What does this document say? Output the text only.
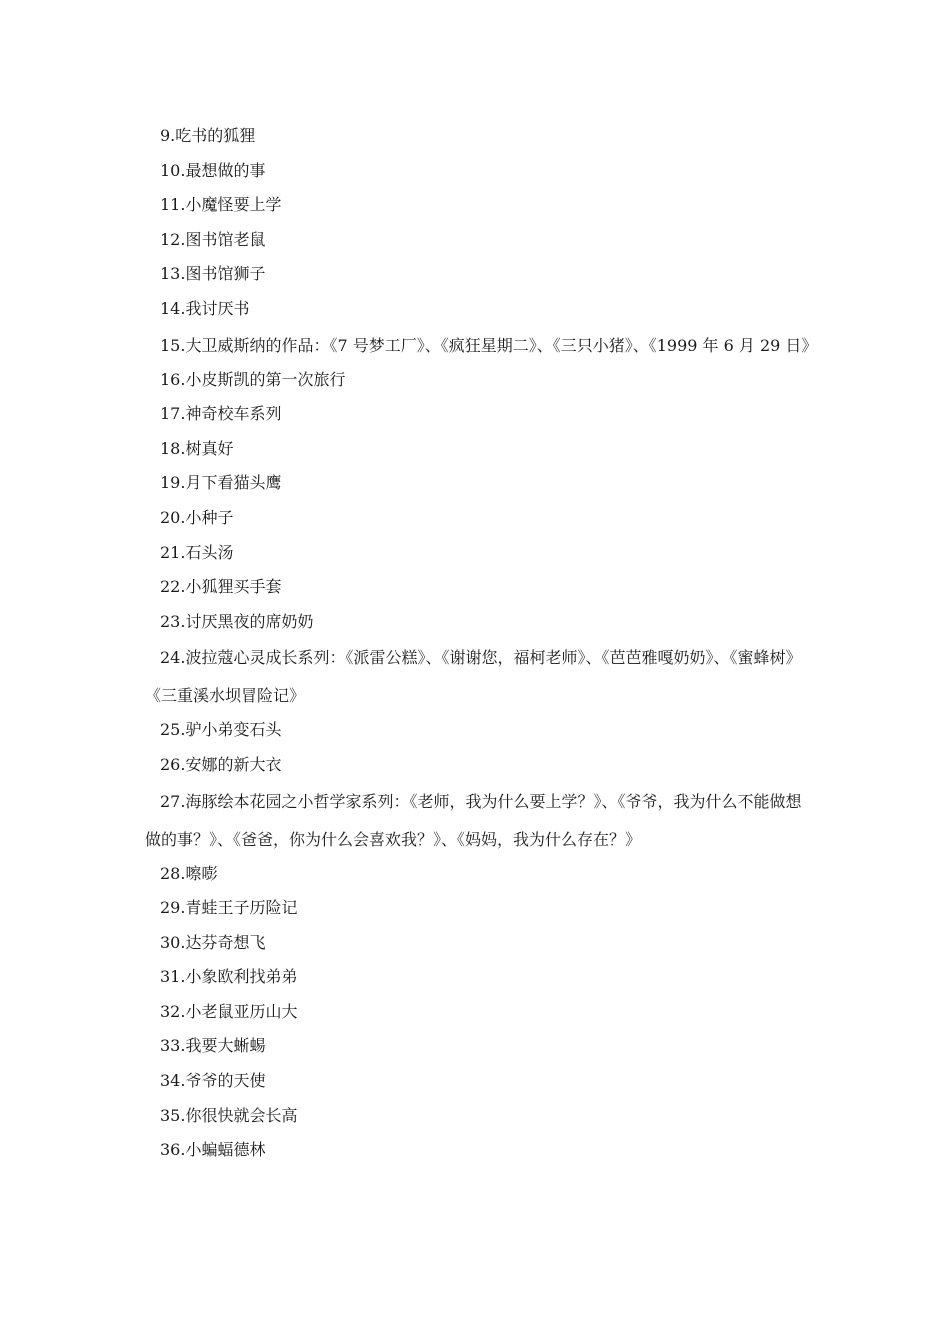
9.吃书的狐狸

10.最想做的事

11.小魔怪要上学

12.图书馆老鼠

13.图书馆狮子

14.我讨厌书

15.大卫威斯纳的作品：《7 号梦工厂》、《疯狂星期二》、《三只小猪》、《1999 年 6 月 29 日》

16.小皮斯凯的第一次旅行

17.神奇校车系列

18.树真好

19.月下看猫头鹰

20.小种子

21.石头汤

22.小狐狸买手套

23.讨厌黑夜的席奶奶

24.波拉蔻心灵成长系列：《派雷公糕》、《谢谢您，福柯老师》、《芭芭雅嘎奶奶》、《蜜蜂树》《三重溪水坝冒险记》

25.驴小弟变石头

26.安娜的新大衣

27.海豚绘本花园之小哲学家系列：《老师，我为什么要上学？》、《爷爷，我为什么不能做想做的事？》、《爸爸，你为什么会喜欢我？》、《妈妈，我为什么存在？》

28.嚓嘭

29.青蛙王子历险记

30.达芬奇想飞

31.小象欧利找弟弟

32.小老鼠亚历山大

33.我要大蜥蜴

34.爷爷的天使

35.你很快就会长高

36.小蝙蝠德林
